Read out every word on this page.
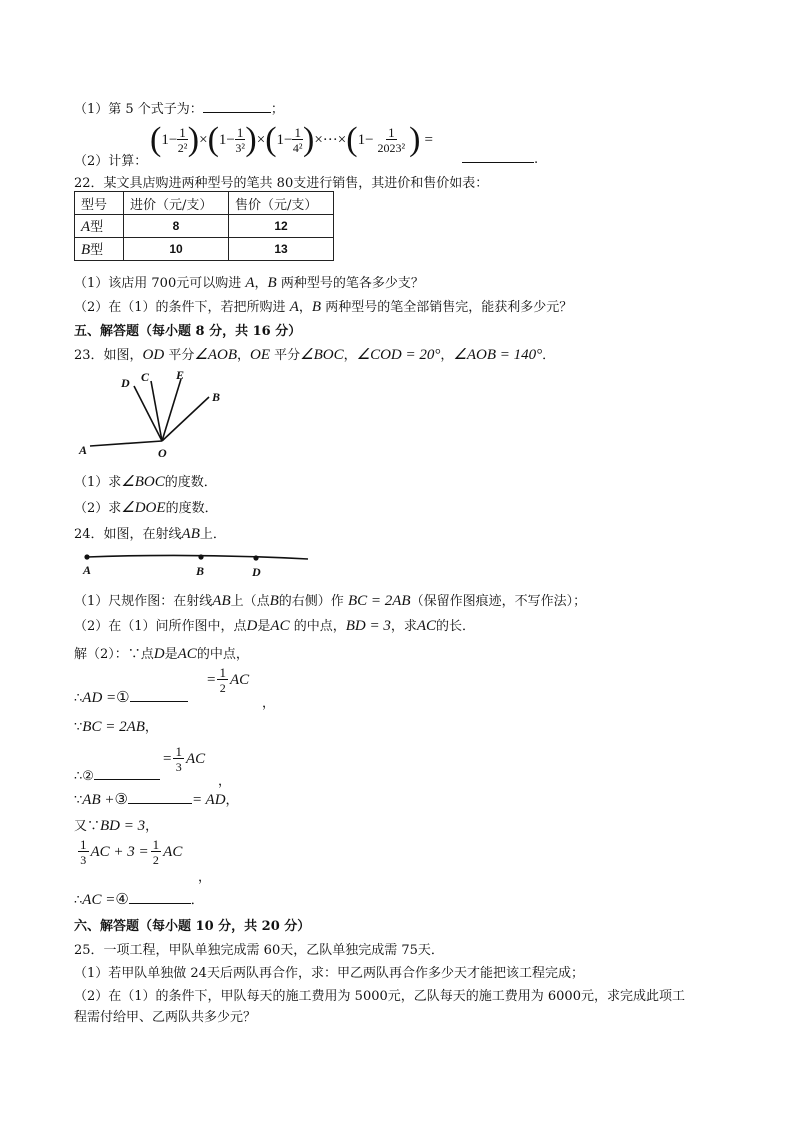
（1）第 5 个式子为：	；
（2）计算：
( $1 - \frac{1}{\text{2²}}$ ) × ( $1 - \frac{1}{\text{3²}}$ ) × ( $1 - \frac{1}{\text{4²}}$ ) × ··· × ( $1 - \frac{1}{\text{2023²}}$ ) =
.
22．某文具店购进两种型号的笔共 80支进行销售，其进价和售价如表：
型号	进价（元/支）	售价（元/支）
A型	8	12
B型	10	13
（1）该店用 700元可以购进 A，B 两种型号的笔各多少支？
（2）在（1）的条件下，若把所购进 A，B 两种型号的笔全部销售完，能获利多少元？
五、解答题（每小题 8 分，共 16 分）
23．如图，OD 平分∠AOB，OE 平分∠BOC，∠COD = 20°，∠AOB = 140°．
A	O
D C E
B
（1）求∠BOC的度数．
（2）求∠DOE的度数．
24．如图，在射线AB上．
A	B	D
（1）尺规作图：在射线AB上（点B的右侧）作 BC = 2AB（保留作图痕迹，不写作法）；
（2）在（1）问所作图中，点D是AC 的中点，BD = 3，求AC的长．
解（2）：∵点D是AC的中点，
∴AD =①
= $\frac{1}{2}$ AC
，
∵BC = 2AB，
= $\frac{1}{3}$ AC
∴②	，
∵AB +③	= AD，
又∵BD = 3，
$\frac{1}{3}$ AC + $3 = \frac{1}{2}$ AC
，
∴AC =④	．
六、解答题（每小题 10 分，共 20 分）
25．一项工程，甲队单独完成需 60天，乙队单独完成需 75天．
（1）若甲队单独做 24天后两队再合作，求：甲乙两队再合作多少天才能把该工程完成；
（2）在（1）的条件下，甲队每天的施工费用为 5000元，乙队每天的施工费用为 6000元，求完成此项工
程需付给甲、乙两队共多少元？
